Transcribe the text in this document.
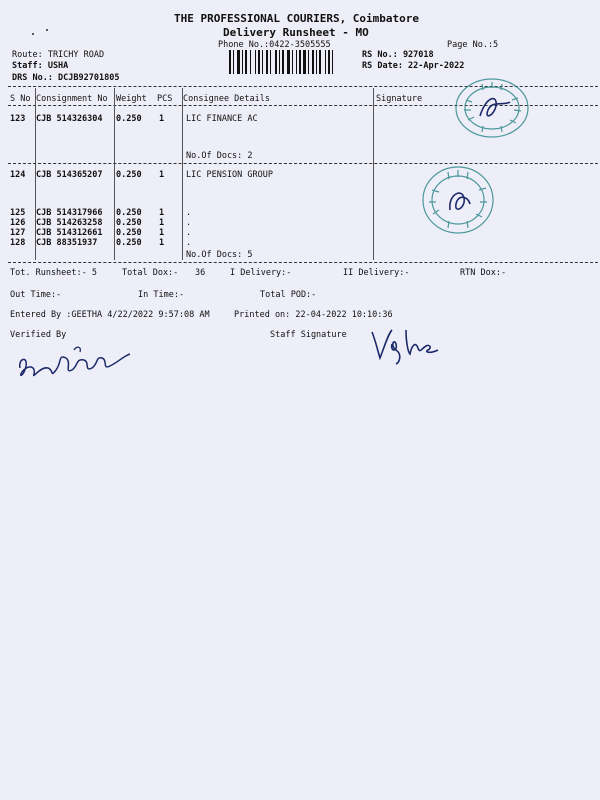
THE PROFESSIONAL COURIERS, Coimbatore
Delivery Runsheet - MO
Phone No.:0422-3505555	Page No.:5
Route: TRICHY ROAD
Staff: USHA
DRS No.: DCJB92701805
RS No.: 927018
RS Date: 22-Apr-2022
S No Consignment No Weight PCS Consignee Details	Signature
123 CJB 514326304 0.250 1	LIC FINANCE AC
No.Of Docs: 2
124 CJB 514365207 0.250 1	LIC PENSION GROUP
125 CJB 514317966 0.250 1	.
126 CJB 514263258 0.250 1	.
127 CJB 514312661 0.250 1	.
128 CJB 88351937 0.250 1	.
No.Of Docs: 5
Tot. Runsheet:- 5	Total Dox:- 36	I Delivery:-	II Delivery:-	RTN Dox:-
Out Time:-	In Time:-	Total POD:-
Entered By :GEETHA 4/22/2022 9:57:08 AM	Printed on: 22-04-2022 10:10:36
Verified By	Staff Signature
